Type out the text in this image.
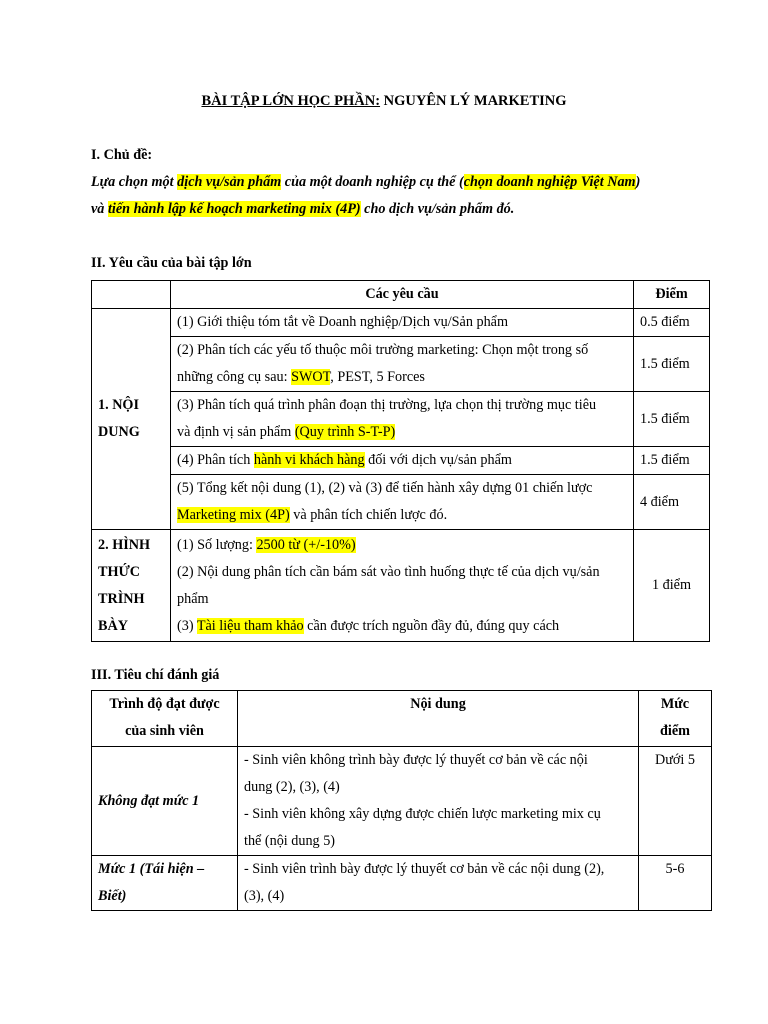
BÀI TẬP LỚN HỌC PHẦN: NGUYÊN LÝ MARKETING
I. Chủ đề:
Lựa chọn một dịch vụ/sản phẩm của một doanh nghiệp cụ thể (chọn doanh nghiệp Việt Nam)
và tiến hành lập kế hoạch marketing mix (4P) cho dịch vụ/sản phẩm đó.
II. Yêu cầu của bài tập lớn
	Các yêu cầu	Điểm

1. NỘI
DUNG	(1) Giới thiệu tóm tắt về Doanh nghiệp/Dịch vụ/Sản phẩm	0.5 điểm

	(2) Phân tích các yếu tố thuộc môi trường marketing: Chọn một trong số
những công cụ sau: SWOT, PEST, 5 Forces	1.5 điểm

	(3) Phân tích quá trình phân đoạn thị trường, lựa chọn thị trường mục tiêu
và định vị sản phẩm (Quy trình S-T-P)	1.5 điểm

	(4) Phân tích hành vi khách hàng đối với dịch vụ/sản phẩm	1.5 điểm

	(5) Tổng kết nội dung (1), (2) và (3) để tiến hành xây dựng 01 chiến lược
Marketing mix (4P) và phân tích chiến lược đó.	4 điểm

2. HÌNH
THỨC
TRÌNH
BÀY	(1) Số lượng: 2500 từ (+/-10%)
(2) Nội dung phân tích cần bám sát vào tình huống thực tế của dịch vụ/sản
phẩm
(3) Tài liệu tham khảo cần được trích nguồn đầy đủ, đúng quy cách	1 điểm
III. Tiêu chí đánh giá
Trình độ đạt được
của sinh viên	Nội dung	Mức
điểm

Không đạt mức 1	- Sinh viên không trình bày được lý thuyết cơ bản về các nội
dung (2), (3), (4)
- Sinh viên không xây dựng được chiến lược marketing mix cụ
thể (nội dung 5)	Dưới 5

Mức 1 (Tái hiện –
Biết)	- Sinh viên trình bày được lý thuyết cơ bản về các nội dung (2),
(3), (4)	5-6
